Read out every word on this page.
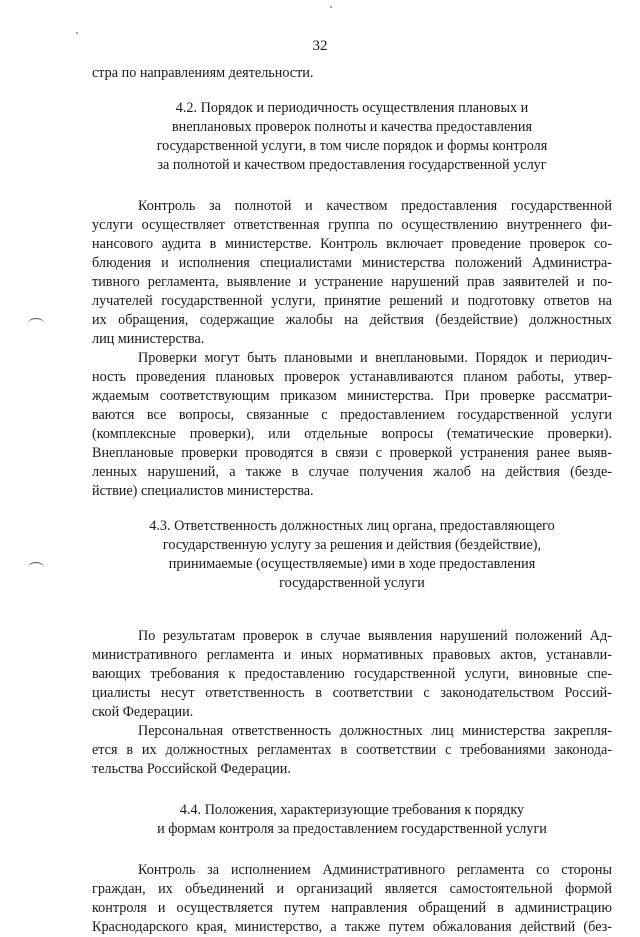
32
стра по направлениям деятельности.
4.2. Порядок и периодичность осуществления плановых и
внеплановых проверок полноты и качества предоставления
государственной услуги, в том числе порядок и формы контроля
за полнотой и качеством предоставления государственной услуг
Контроль за полнотой и качеством предоставления государственной
услуги осуществляет ответственная группа по осуществлению внутреннего фи-
нансового аудита в министерстве. Контроль включает проведение проверок со-
блюдения и исполнения специалистами министерства положений Администра-
тивного регламента, выявление и устранение нарушений прав заявителей и по-
лучателей государственной услуги, принятие решений и подготовку ответов на
их обращения, содержащие жалобы на действия (бездействие) должностных
лиц министерства.
Проверки могут быть плановыми и внеплановыми. Порядок и периодич-
ность проведения плановых проверок устанавливаются планом работы, утвер-
ждаемым соответствующим приказом министерства. При проверке рассматри-
ваются все вопросы, связанные с предоставлением государственной услуги
(комплексные проверки), или отдельные вопросы (тематические проверки).
Внеплановые проверки проводятся в связи с проверкой устранения ранее выяв-
ленных нарушений, а также в случае получения жалоб на действия (безде-
йствие) специалистов министерства.
4.3. Ответственность должностных лиц органа, предоставляющего
государственную услугу за решения и действия (бездействие),
принимаемые (осуществляемые) ими в ходе предоставления
государственной услуги
По результатам проверок в случае выявления нарушений положений Ад-
министративного регламента и иных нормативных правовых актов, устанавли-
вающих требования к предоставлению государственной услуги, виновные спе-
циалисты несут ответственность в соответствии с законодательством Россий-
ской Федерации.
Персональная ответственность должностных лиц министерства закрепля-
ется в их должностных регламентах в соответствии с требованиями законода-
тельства Российской Федерации.
4.4. Положения, характеризующие требования к порядку
и формам контроля за предоставлением государственной услуги
Контроль за исполнением Административного регламента со стороны
граждан, их объединений и организаций является самостоятельной формой
контроля и осуществляется путем направления обращений в администрацию
Краснодарского края, министерство, а также путем обжалования действий (без-
